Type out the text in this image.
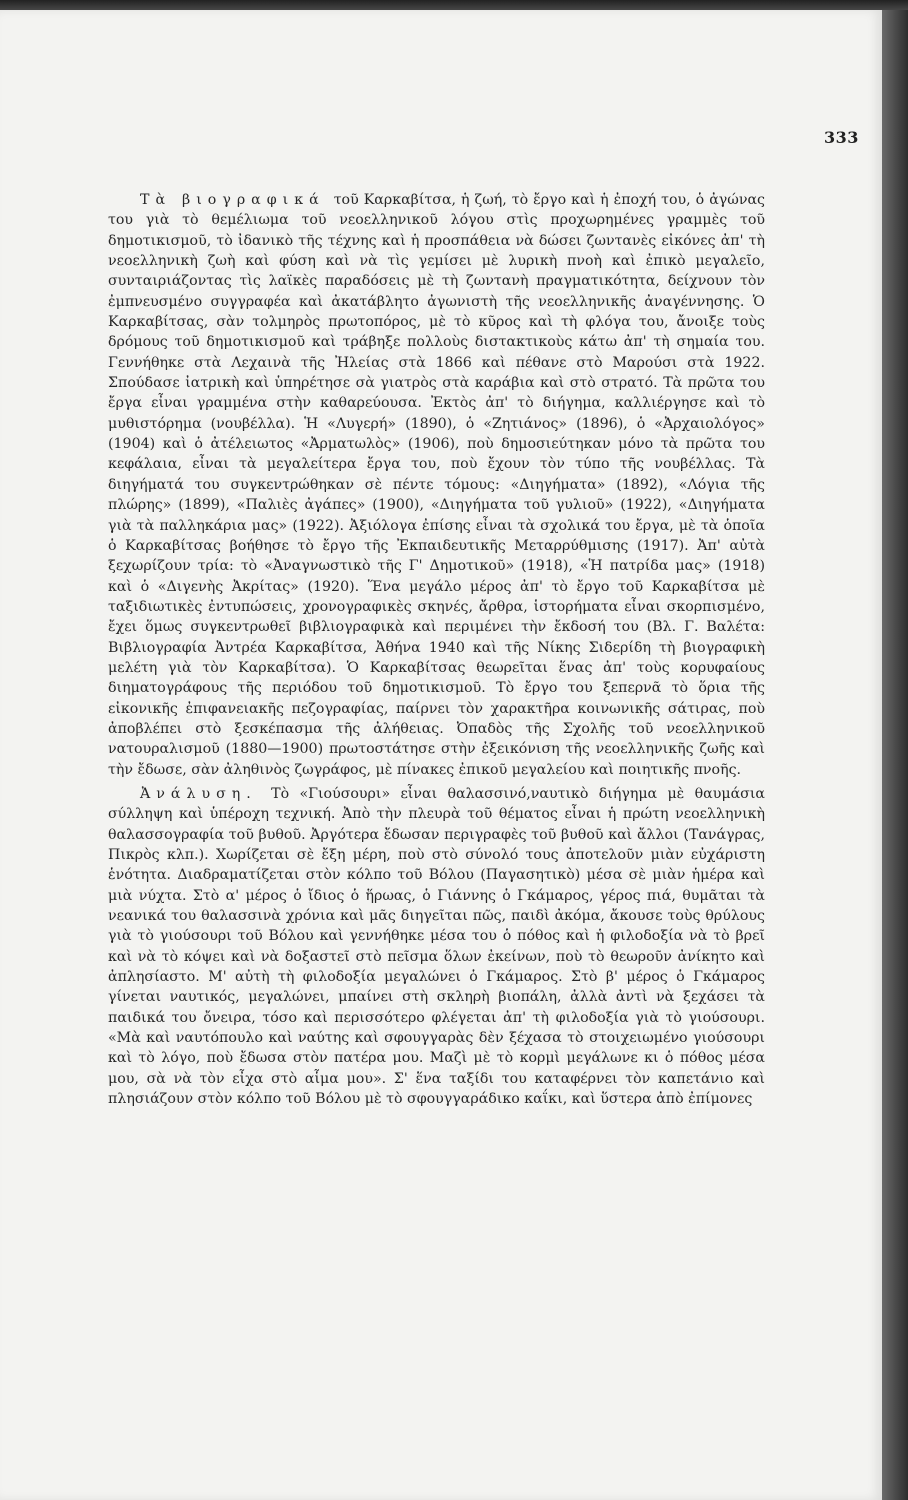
333

Τὰ βιογραφικά τοῦ Καρκαβίτσα, ἡ ζωή, τὸ ἔργο καὶ ἡ ἐποχή του, ὁ ἀγώνας του γιὰ τὸ θεμέλιωμα τοῦ νεοελληνικοῦ λόγου στὶς προχωρημένες γραμμὲς τοῦ δημοτικισμοῦ, τὸ ἰδανικὸ τῆς τέχνης καὶ ἡ προσπάθεια νὰ δώσει ζωντανὲς εἰκόνες ἀπ' τὴ νεοελληνικὴ ζωὴ καὶ φύση καὶ νὰ τὶς γεμίσει μὲ λυρικὴ πνοὴ καὶ ἐπικὸ μεγαλεῖο, συνταιριάζοντας τὶς λαϊκὲς παραδόσεις μὲ τὴ ζωντανὴ πραγματικότητα, δείχνουν τὸν ἐμπνευσμένο συγγραφέα καὶ ἀκατάβλητο ἀγωνιστὴ τῆς νεοελληνικῆς ἀναγέννησης. Ὁ Καρκαβίτσας, σὰν τολμηρὸς πρωτοπόρος, μὲ τὸ κῦρος καὶ τὴ φλόγα του, ἄνοιξε τοὺς δρόμους τοῦ δημοτικισμοῦ καὶ τράβηξε πολλοὺς διστακτικοὺς κάτω ἀπ' τὴ σημαία του. Γεννήθηκε στὰ Λεχαινὰ τῆς Ἠλείας στὰ 1866 καὶ πέθανε στὸ Μαρούσι στὰ 1922. Σπούδασε ἰατρικὴ καὶ ὑπηρέτησε σὰ γιατρὸς στὰ καράβια καὶ στὸ στρατό. Τὰ πρῶτα του ἔργα εἶναι γραμμένα στὴν καθαρεύουσα. Ἐκτὸς ἀπ' τὸ διήγημα, καλλιέργησε καὶ τὸ μυθιστόρημα (νουβέλλα). Ἡ «Λυγερή» (1890), ὁ «Ζητιάνος» (1896), ὁ «Ἀρχαιολόγος» (1904) καὶ ὁ ἀτέλειωτος «Ἀρματωλὸς» (1906), ποὺ δημοσιεύτηκαν μόνο τὰ πρῶτα του κεφάλαια, εἶναι τὰ μεγαλείτερα ἔργα του, ποὺ ἔχουν τὸν τύπο τῆς νουβέλλας. Τὰ διηγήματά του συγκεντρώθηκαν σὲ πέντε τόμους: «Διηγήματα» (1892), «Λόγια τῆς πλώρης» (1899), «Παλιὲς ἀγάπες» (1900), «Διηγήματα τοῦ γυλιοῦ» (1922), «Διηγήματα γιὰ τὰ παλληκάρια μας» (1922). Ἀξιόλογα ἐπίσης εἶναι τὰ σχολικά του ἔργα, μὲ τὰ ὁποῖα ὁ Καρκαβίτσας βοήθησε τὸ ἔργο τῆς Ἐκπαιδευτικῆς Μεταρρύθμισης (1917). Ἀπ' αὐτὰ ξεχωρίζουν τρία: τὸ «Ἀναγνωστικὸ τῆς Γ' Δημοτικοῦ» (1918), «Ἡ πατρίδα μας» (1918) καὶ ὁ «Διγενὴς Ἀκρίτας» (1920). Ἕνα μεγάλο μέρος ἀπ' τὸ ἔργο τοῦ Καρκαβίτσα μὲ ταξιδιωτικὲς ἐντυπώσεις, χρονογραφικὲς σκηνές, ἄρθρα, ἱστορήματα εἶναι σκορπισμένο, ἔχει ὅμως συγκεντρωθεῖ βιβλιογραφικὰ καὶ περιμένει τὴν ἔκδοσή του (Βλ. Γ. Βαλέτα: Βιβλιογραφία Ἀντρέα Καρκαβίτσα, Ἀθήνα 1940 καὶ τῆς Νίκης Σιδερίδη τὴ βιογραφικὴ μελέτη γιὰ τὸν Καρκαβίτσα). Ὁ Καρκαβίτσας θεωρεῖται ἕνας ἀπ' τοὺς κορυφαίους διηματογράφους τῆς περιόδου τοῦ δημοτικισμοῦ. Τὸ ἔργο του ξεπερνᾶ τὸ ὅρια τῆς εἰκονικῆς ἐπιφανειακῆς πεζογραφίας, παίρνει τὸν χαρακτῆρα κοινωνικῆς σάτιρας, ποὺ ἀποβλέπει στὸ ξεσκέπασμα τῆς ἀλήθειας. Ὀπαδὸς τῆς Σχολῆς τοῦ νεοελληνικοῦ νατουραλισμοῦ (1880—1900) πρωτοστάτησε στὴν ἐξεικόνιση τῆς νεοελληνικῆς ζωῆς καὶ τὴν ἔδωσε, σὰν ἀληθινὸς ζωγράφος, μὲ πίνακες ἐπικοῦ μεγαλείου καὶ ποιητικῆς πνοῆς.

Ἀνάλυση. Τὸ «Γιούσουρι» εἶναι θαλασσινό,ναυτικὸ διήγημα μὲ θαυμάσια σύλληψη καὶ ὑπέροχη τεχνική. Ἀπὸ τὴν πλευρὰ τοῦ θέματος εἶναι ἡ πρώτη νεοελληνικὴ θαλασσογραφία τοῦ βυθοῦ. Ἀργότερα ἔδωσαν περιγραφὲς τοῦ βυθοῦ καὶ ἄλλοι (Τανάγρας, Πικρὸς κλπ.). Χωρίζεται σὲ ἔξη μέρη, ποὺ στὸ σύνολό τους ἀποτελοῦν μιὰν εὐχάριστη ἑνότητα. Διαδραματίζεται στὸν κόλπο τοῦ Βόλου (Παγασητικὸ) μέσα σὲ μιὰν ἡμέρα καὶ μιὰ νύχτα. Στὸ α' μέρος ὁ ἴδιος ὁ ἥρωας, ὁ Γιάννης ὁ Γκάμαρος, γέρος πιά, θυμᾶται τὰ νεανικά του θαλασσινὰ χρόνια καὶ μᾶς διηγεῖται πῶς, παιδὶ ἀκόμα, ἄκουσε τοὺς θρύλους γιὰ τὸ γιούσουρι τοῦ Βόλου καὶ γεννήθηκε μέσα του ὁ πόθος καὶ ἡ φιλοδοξία νὰ τὸ βρεῖ καὶ νὰ τὸ κόψει καὶ νὰ δοξαστεῖ στὸ πεῖσμα ὅλων ἐκείνων, ποὺ τὸ θεωροῦν ἀνίκητο καὶ ἀπλησίαστο. Μ' αὐτὴ τὴ φιλοδοξία μεγαλώνει ὁ Γκάμαρος. Στὸ β' μέρος ὁ Γκάμαρος γίνεται ναυτικός, μεγαλώνει, μπαίνει στὴ σκληρὴ βιοπάλη, ἀλλὰ ἀντὶ νὰ ξεχάσει τὰ παιδικά του ὄνειρα, τόσο καὶ περισσότερο φλέγεται ἀπ' τὴ φιλοδοξία γιὰ τὸ γιούσουρι. «Μὰ καὶ ναυτόπουλο καὶ ναύτης καὶ σφουγγαρὰς δὲν ξέχασα τὸ στοιχειωμένο γιούσουρι καὶ τὸ λόγο, ποὺ ἔδωσα στὸν πατέρα μου. Μαζὶ μὲ τὸ κορμὶ μεγάλωνε κι ὁ πόθος μέσα μου, σὰ νὰ τὸν εἶχα στὸ αἷμα μου». Σ' ἕνα ταξίδι του καταφέρνει τὸν καπετάνιο καὶ πλησιάζουν στὸν κόλπο τοῦ Βόλου μὲ τὸ σφουγγαράδικο καΐκι, καὶ ὕστερα ἀπὸ ἐπίμονες
